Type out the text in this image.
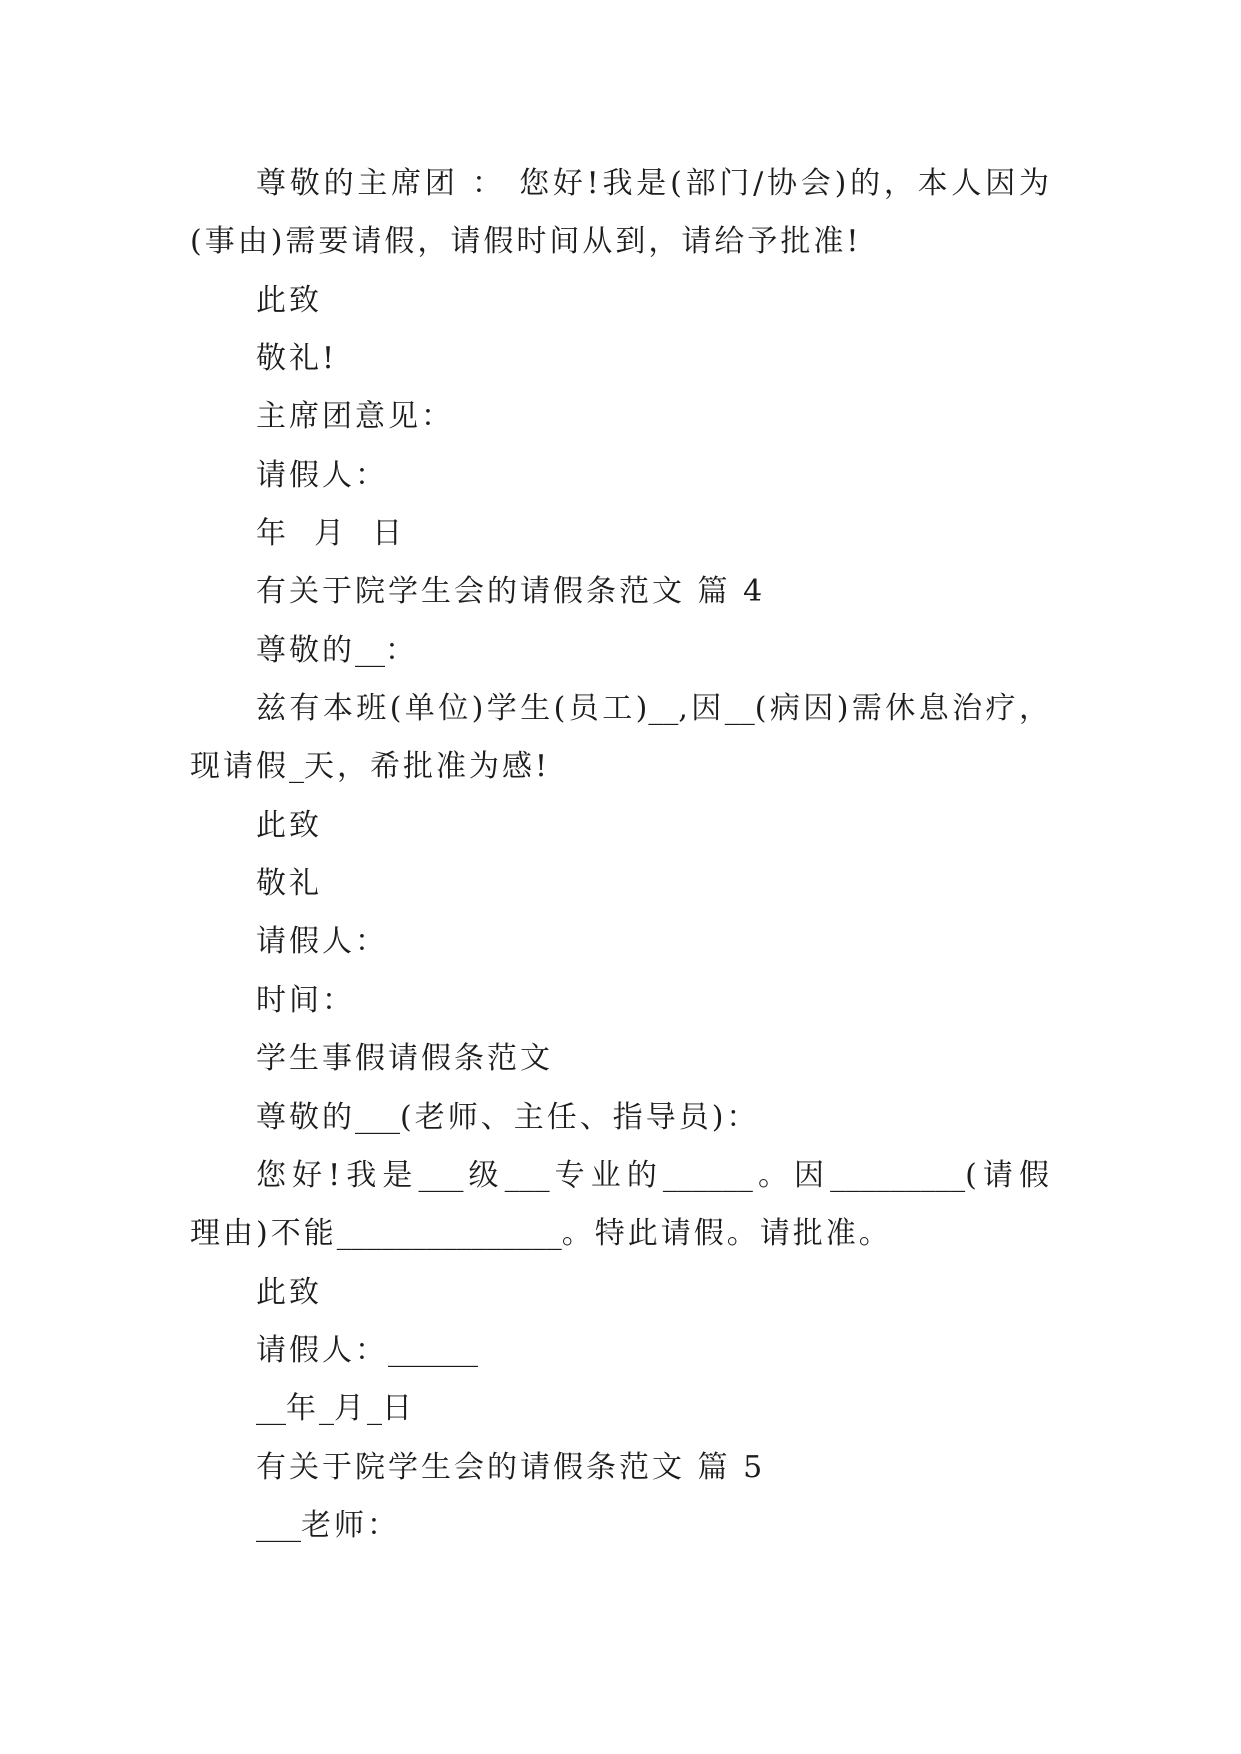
尊敬的主席团 ： 您好!我是(部门/协会)的，本人因为
(事由)需要请假，请假时间从到，请给予批准!
此致
敬礼!
主席团意见：
请假人：
年  月  日
有关于院学生会的请假条范文 篇 4
尊敬的__：
兹有本班(单位)学生(员工)__,因__(病因)需休息治疗，
现请假_天，希批准为感!
此致
敬礼
请假人：
时间：
学生事假请假条范文
尊敬的___(老师、主任、指导员)：
您好!我是___级___专业的______。因_________(请假
理由)不能_______________。特此请假。请批准。
此致
请假人：______
__年_月_日
有关于院学生会的请假条范文 篇 5
___老师：
